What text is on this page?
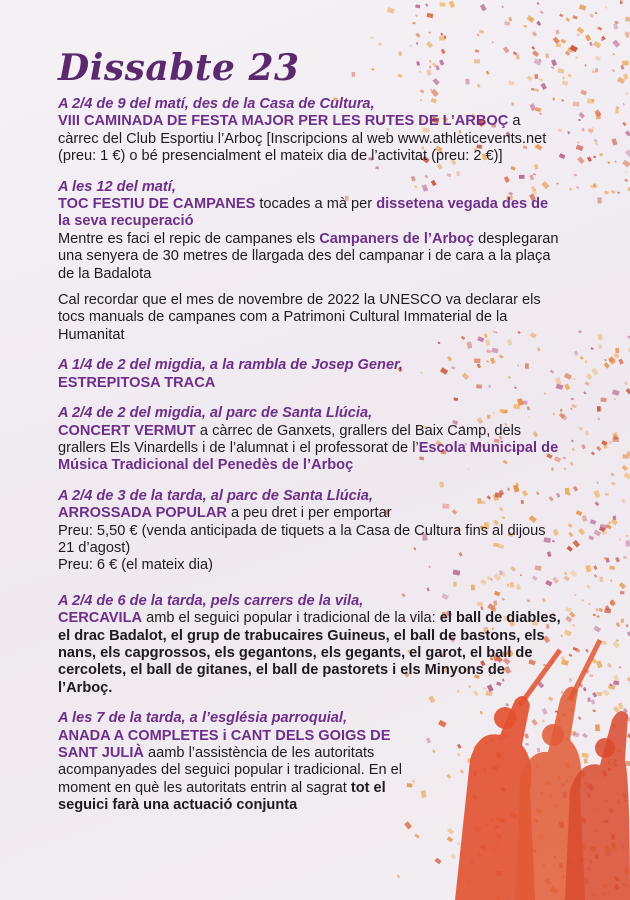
Dissabte 23

A 2/4 de 9 del matí, des de la Casa de Cultura,
VIII CAMINADA DE FESTA MAJOR PER LES RUTES DE L’ARBOÇ a càrrec del Club Esportiu l’Arboç [Inscripcions al web www.athleticevents.net (preu: 1 €) o bé presencialment el mateix dia de l’activitat (preu: 2 €)]

A les 12 del matí,
TOC FESTIU DE CAMPANES tocades a mà per dissetena vegada des de la seva recuperació
Mentre es faci el repic de campanes els Campaners de l’Arboç desplegaran una senyera de 30 metres de llargada des del campanar i de cara a la plaça de la Badalota

Cal recordar que el mes de novembre de 2022 la UNESCO va declarar els tocs manuals de campanes com a Patrimoni Cultural Immaterial de la Humanitat

A 1/4 de 2 del migdia, a la rambla de Josep Gener,
ESTREPITOSA TRACA

A 2/4 de 2 del migdia, al parc de Santa Llúcia,
CONCERT VERMUT a càrrec de Ganxets, grallers del Baix Camp, dels grallers Els Vinardells i de l’alumnat i el professorat de l’Escola Municipal de Música Tradicional del Penedès de l’Arboç

A 2/4 de 3 de la tarda, al parc de Santa Llúcia,
ARROSSADA POPULAR a peu dret i per emportar
Preu: 5,50 € (venda anticipada de tiquets a la Casa de Cultura fins al dijous 21 d’agost)
Preu: 6 € (el mateix dia)

A 2/4 de 6 de la tarda, pels carrers de la vila,
CERCAVILA amb el seguici popular i tradicional de la vila: el ball de diables, el drac Badalot, el grup de trabucaires Guineus, el ball de bastons, els nans, els capgrossos, els gegantons, els gegants, el garot, el ball de cercolets, el ball de gitanes, el ball de pastorets i els Minyons de l’Arboç.

A les 7 de la tarda, a l’església parroquial,
ANADA A COMPLETES i CANT DELS GOIGS DE SANT JULIÀ aamb l’assistència de les autoritats acompanyades del seguici popular i tradicional. En el moment en què les autoritats entrin al sagrat tot el seguici farà una actuació conjunta
